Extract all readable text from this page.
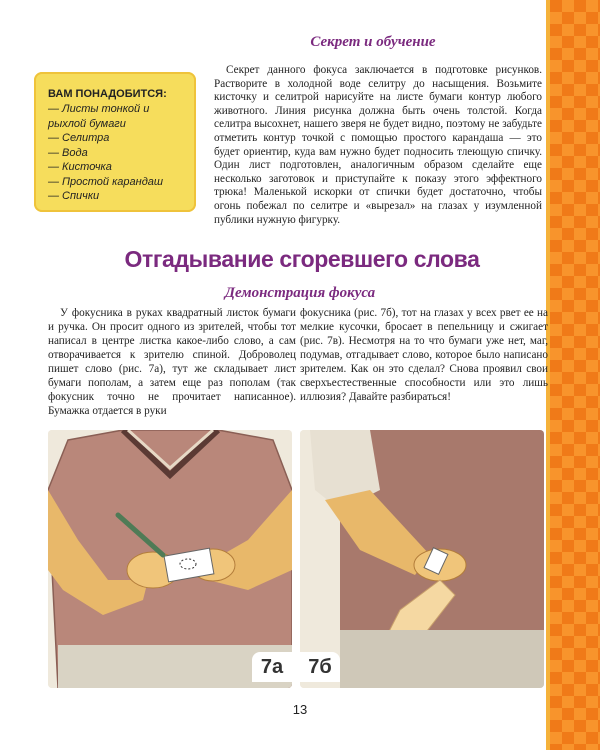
Секрет и обучение
ВАМ ПОНАДОБИТСЯ:
— Листы тонкой и рыхлой бумаги
— Селитра
— Вода
— Кисточка
— Простой карандаш
— Спички
Секрет данного фокуса заключается в подготовке рисунков. Растворите в холодной воде селитру до насыщения. Возьмите кисточку и селитрой нарисуйте на листе бумаги контур любого животного. Линия рисунка должна быть очень толстой. Когда селитра высохнет, нашего зверя не будет видно, поэтому не забудьте отметить контур точкой с помощью простого карандаша — это будет ориентир, куда вам нужно будет подносить тлеющую спичку. Один лист подготовлен, аналогичным образом сделайте еще несколько заготовок и приступайте к показу этого эффектного трюка! Маленькой искорки от спички будет достаточно, чтобы огонь побежал по селитре и «вырезал» на глазах у изумленной публики нужную фигурку.
Отгадывание сгоревшего слова
Демонстрация фокуса
У фокусника в руках квадратный листок бумаги и ручка. Он просит одного из зрителей, чтобы тот написал в центре листка какое-либо слово, а сам отворачивается к зрителю спиной. Доброволец пишет слово (рис. 7а), тут же складывает лист бумаги пополам, а затем еще раз пополам (так фокусник точно не прочитает написанное). Бумажка отдается в руки
фокусника (рис. 7б), тот на глазах у всех рвет ее на мелкие кусочки, бросает в пепельницу и сжигает (рис. 7в). Несмотря на то что бумаги уже нет, маг, подумав, отгадывает слово, которое было написано зрителем. Как он это сделал? Снова проявил свои сверхъестественные способности или это лишь иллюзия? Давайте разбираться!
7а	7б
13
